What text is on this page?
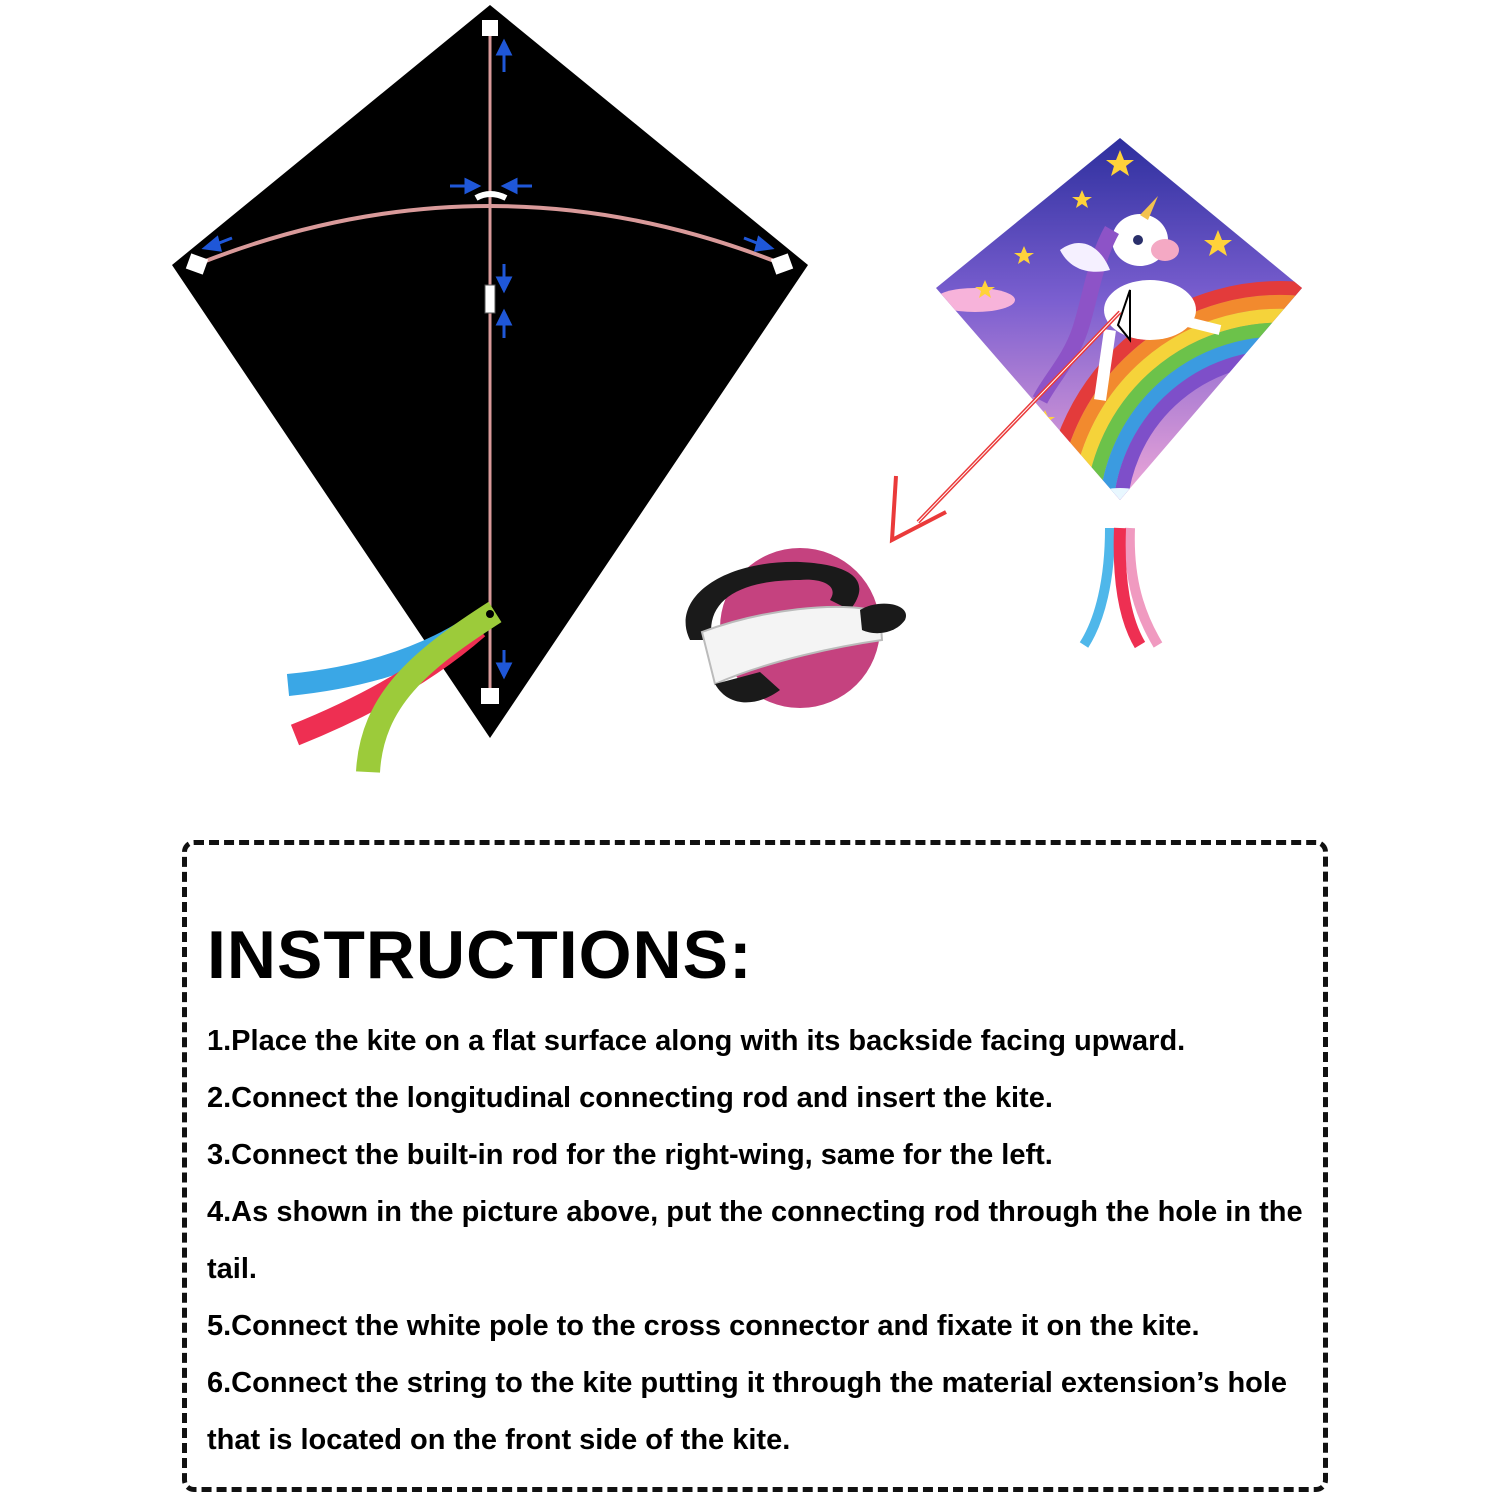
INSTRUCTIONS:
1.Place the kite on a flat surface along with its backside facing upward.
2.Connect the longitudinal connecting rod and insert the kite.
3.Connect the built-in rod for the right-wing, same for the left.
4.As shown in the picture above, put the connecting rod through the hole in the tail.
5.Connect the white pole to the cross connector and fixate it on the kite.
6.Connect the string to the kite putting it through the material extension’s hole that is located on the front side of the kite.
